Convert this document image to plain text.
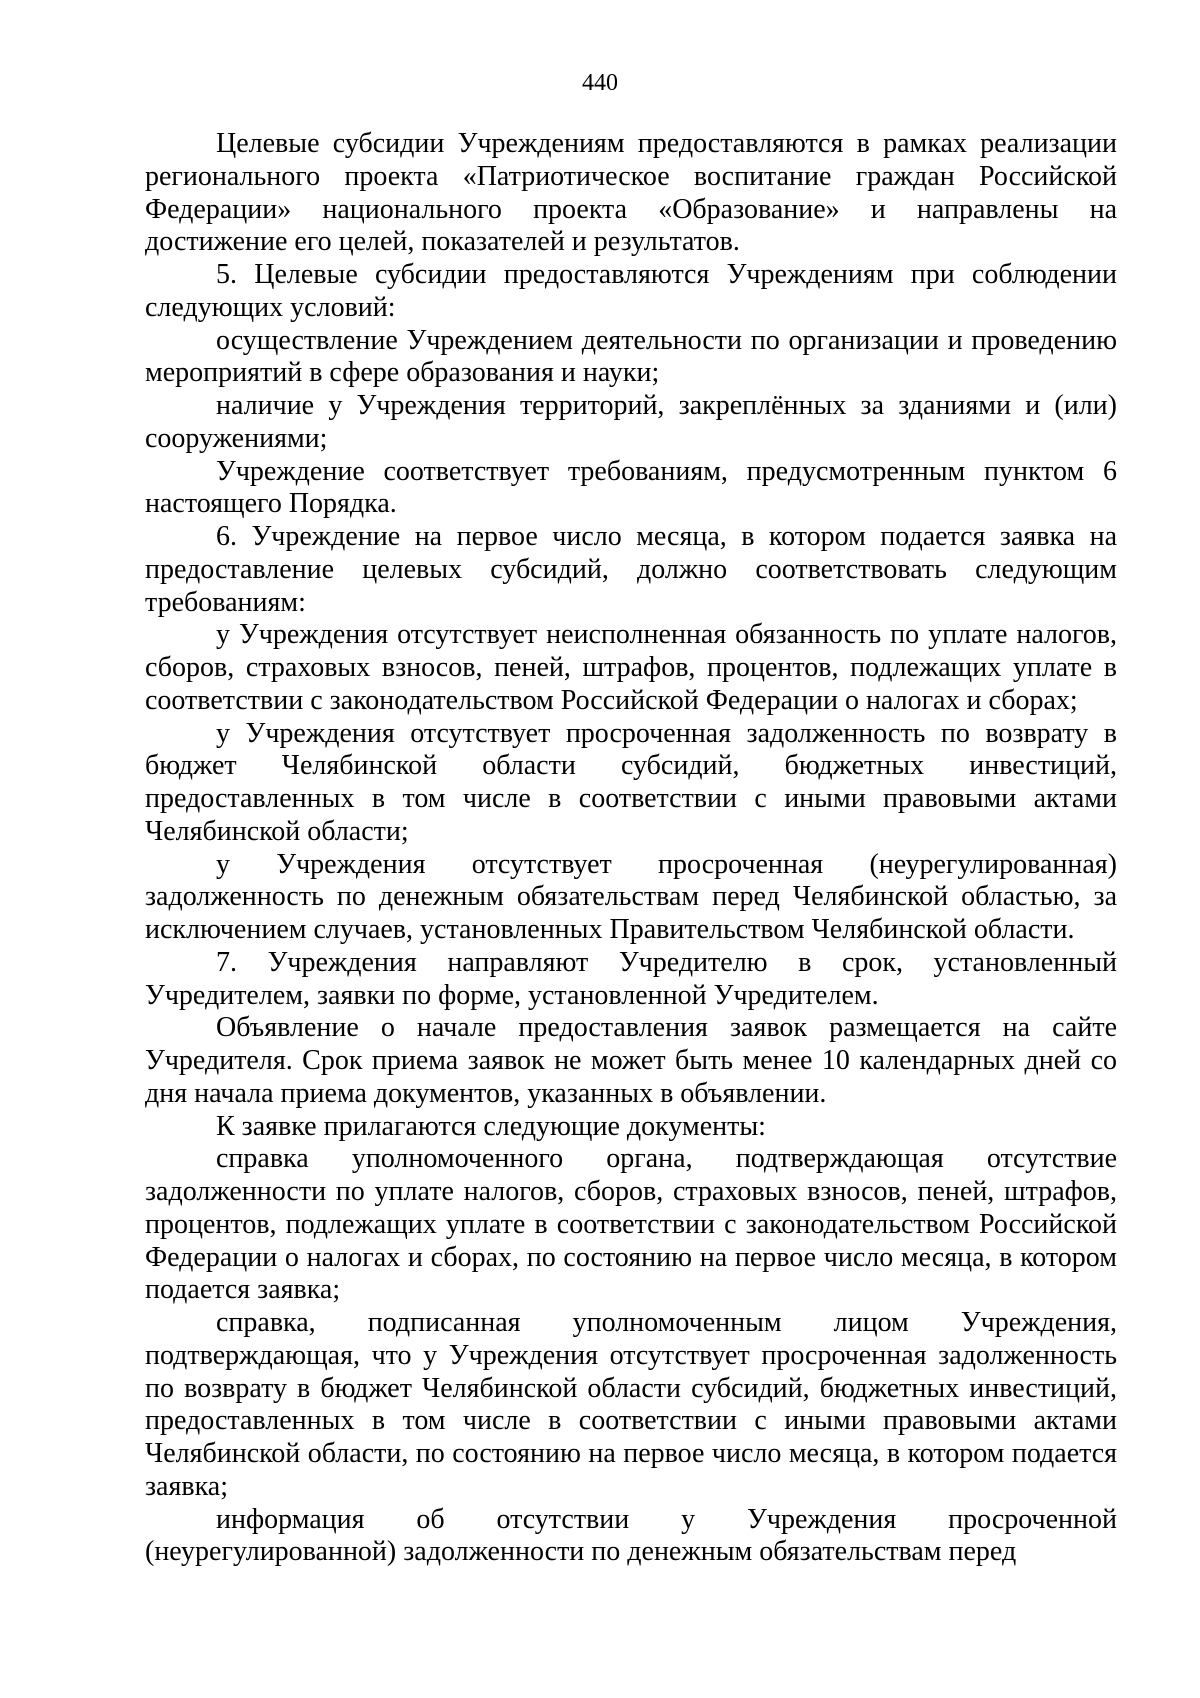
440

Целевые субсидии Учреждениям предоставляются в рамках реализации регионального проекта «Патриотическое воспитание граждан Российской Федерации» национального проекта «Образование» и направлены на достижение его целей, показателей и результатов.

5. Целевые субсидии предоставляются Учреждениям при соблюдении следующих условий:

осуществление Учреждением деятельности по организации и проведению мероприятий в сфере образования и науки;

наличие у Учреждения территорий, закреплённых за зданиями и (или) сооружениями;

Учреждение соответствует требованиям, предусмотренным пунктом 6 настоящего Порядка.

6. Учреждение на первое число месяца, в котором подается заявка на предоставление целевых субсидий, должно соответствовать следующим требованиям:

у Учреждения отсутствует неисполненная обязанность по уплате налогов, сборов, страховых взносов, пеней, штрафов, процентов, подлежащих уплате в соответствии с законодательством Российской Федерации о налогах и сборах;

у Учреждения отсутствует просроченная задолженность по возврату в бюджет Челябинской области субсидий, бюджетных инвестиций, предоставленных в том числе в соответствии с иными правовыми актами Челябинской области;

у Учреждения отсутствует просроченная (неурегулированная) задолженность по денежным обязательствам перед Челябинской областью, за исключением случаев, установленных Правительством Челябинской области.

7. Учреждения направляют Учредителю в срок, установленный Учредителем, заявки по форме, установленной Учредителем.

Объявление о начале предоставления заявок размещается на сайте Учредителя. Срок приема заявок не может быть менее 10 календарных дней со дня начала приема документов, указанных в объявлении.

К заявке прилагаются следующие документы:

справка уполномоченного органа, подтверждающая отсутствие задолженности по уплате налогов, сборов, страховых взносов, пеней, штрафов, процентов, подлежащих уплате в соответствии с законодательством Российской Федерации о налогах и сборах, по состоянию на первое число месяца, в котором подается заявка;

справка, подписанная уполномоченным лицом Учреждения, подтверждающая, что у Учреждения отсутствует просроченная задолженность по возврату в бюджет Челябинской области субсидий, бюджетных инвестиций, предоставленных в том числе в соответствии с иными правовыми актами Челябинской области, по состоянию на первое число месяца, в котором подается заявка;

информация об отсутствии у Учреждения просроченной (неурегулированной) задолженности по денежным обязательствам перед
